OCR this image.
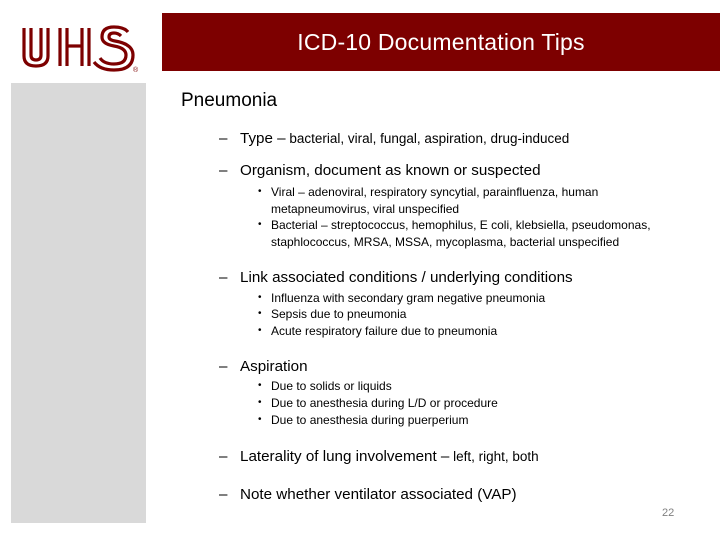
®
ICD-10 Documentation Tips
Pneumonia
– Type – bacterial, viral, fungal, aspiration, drug-induced
– Organism, document as known or suspected
• Viral – adenoviral, respiratory syncytial, parainfluenza, human metapneumovirus, viral unspecified
• Bacterial – streptococcus, hemophilus, E coli, klebsiella, pseudomonas, staphlococcus, MRSA, MSSA, mycoplasma, bacterial unspecified
– Link associated conditions / underlying conditions
• Influenza with secondary gram negative pneumonia
• Sepsis due to pneumonia
• Acute respiratory failure due to pneumonia
– Aspiration
• Due to solids or liquids
• Due to anesthesia during L/D or procedure
• Due to anesthesia during puerperium
– Laterality of lung involvement – left, right, both
– Note whether ventilator associated (VAP)
22
